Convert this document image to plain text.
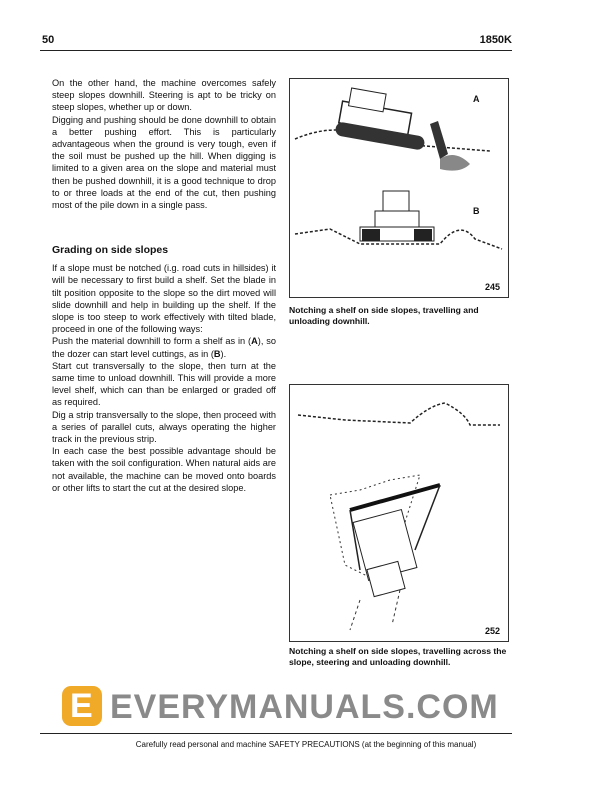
50	1850K

On the other hand, the machine overcomes safely steep slopes downhill. Steering is apt to be tricky on steep slopes, whether up or down.

Digging and pushing should be done downhill to obtain a better pushing effort. This is particularly advantageous when the ground is very tough, even if the soil must be pushed up the hill. When digging is limited to a given area on the slope and material must then be pushed downhill, it is a good technique to drop to or three loads at the end of the cut, then pushing most of the pile down in a single pass.

Grading on side slopes

If a slope must be notched (i.g. road cuts in hillsides) it will be necessary to first build a shelf. Set the blade in tilt position opposite to the slope so the dirt moved will slide downhill and help in building up the shelf. If the slope is too steep to work effectively with tilted blade, proceed in one of the following ways:

Push the material downhill to form a shelf as in (A), so the dozer can start level cuttings, as in (B).

Start cut transversally to the slope, then turn at the same time to unload downhill. This will provide a more level shelf, which can than be enlarged or graded off as required.

Dig a strip transversally to the slope, then proceed with a series of parallel cuts, always operating the higher track in the previous strip.

In each case the best possible advantage should be taken with the soil configuration. When natural aids are not available, the machine can be moved onto boards or other lifts to start the cut at the desired slope.

A
B
245
Notching a shelf on side slopes, travelling and unloading downhill.
252
Notching a shelf on side slopes, travelling across the slope, steering and unloading downhill.
E EVERYMANUALS.COM
Carefully read personal and machine SAFETY PRECAUTIONS (at the beginning of this manual)
